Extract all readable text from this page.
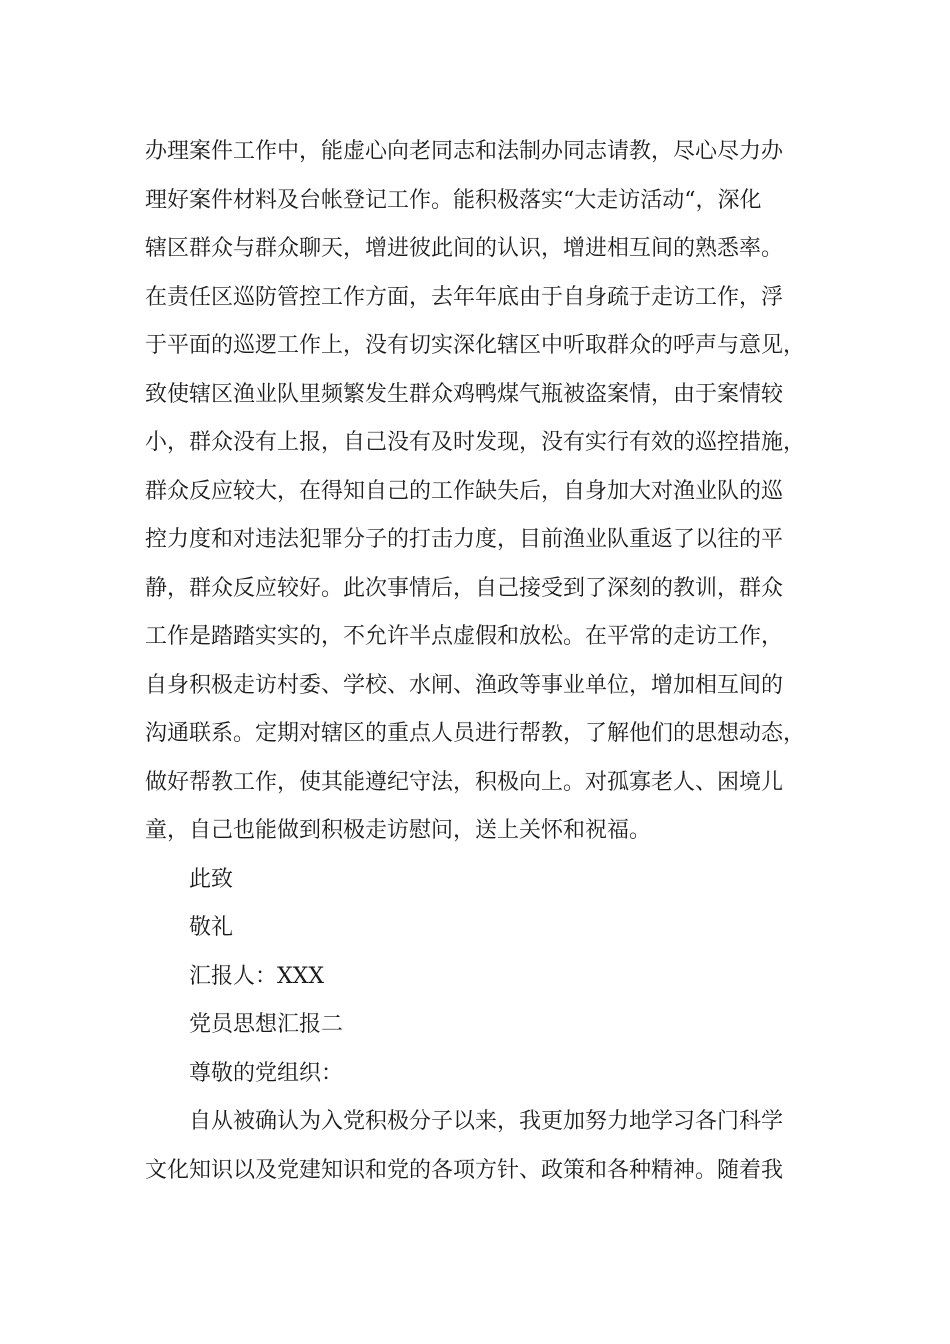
办理案件工作中，能虚心向老同志和法制办同志请教，尽心尽力办
理好案件材料及台帐登记工作。能积极落实“大走访活动“，深化
辖区群众与群众聊天，增进彼此间的认识，增进相互间的熟悉率。
在责任区巡防管控工作方面，去年年底由于自身疏于走访工作，浮
于平面的巡逻工作上，没有切实深化辖区中听取群众的呼声与意见，
致使辖区渔业队里频繁发生群众鸡鸭煤气瓶被盗案情，由于案情较
小，群众没有上报，自己没有及时发现，没有实行有效的巡控措施，
群众反应较大，在得知自己的工作缺失后，自身加大对渔业队的巡
控力度和对违法犯罪分子的打击力度，目前渔业队重返了以往的平
静，群众反应较好。此次事情后，自己接受到了深刻的教训，群众
工作是踏踏实实的，不允许半点虚假和放松。在平常的走访工作，
自身积极走访村委、学校、水闸、渔政等事业单位，增加相互间的
沟通联系。定期对辖区的重点人员进行帮教，了解他们的思想动态，
做好帮教工作，使其能遵纪守法，积极向上。对孤寡老人、困境儿
童，自己也能做到积极走访慰问，送上关怀和祝福。
此致
敬礼
汇报人：XXX
党员思想汇报二
尊敬的党组织：
自从被确认为入党积极分子以来，我更加努力地学习各门科学
文化知识以及党建知识和党的各项方针、政策和各种精神。随着我
